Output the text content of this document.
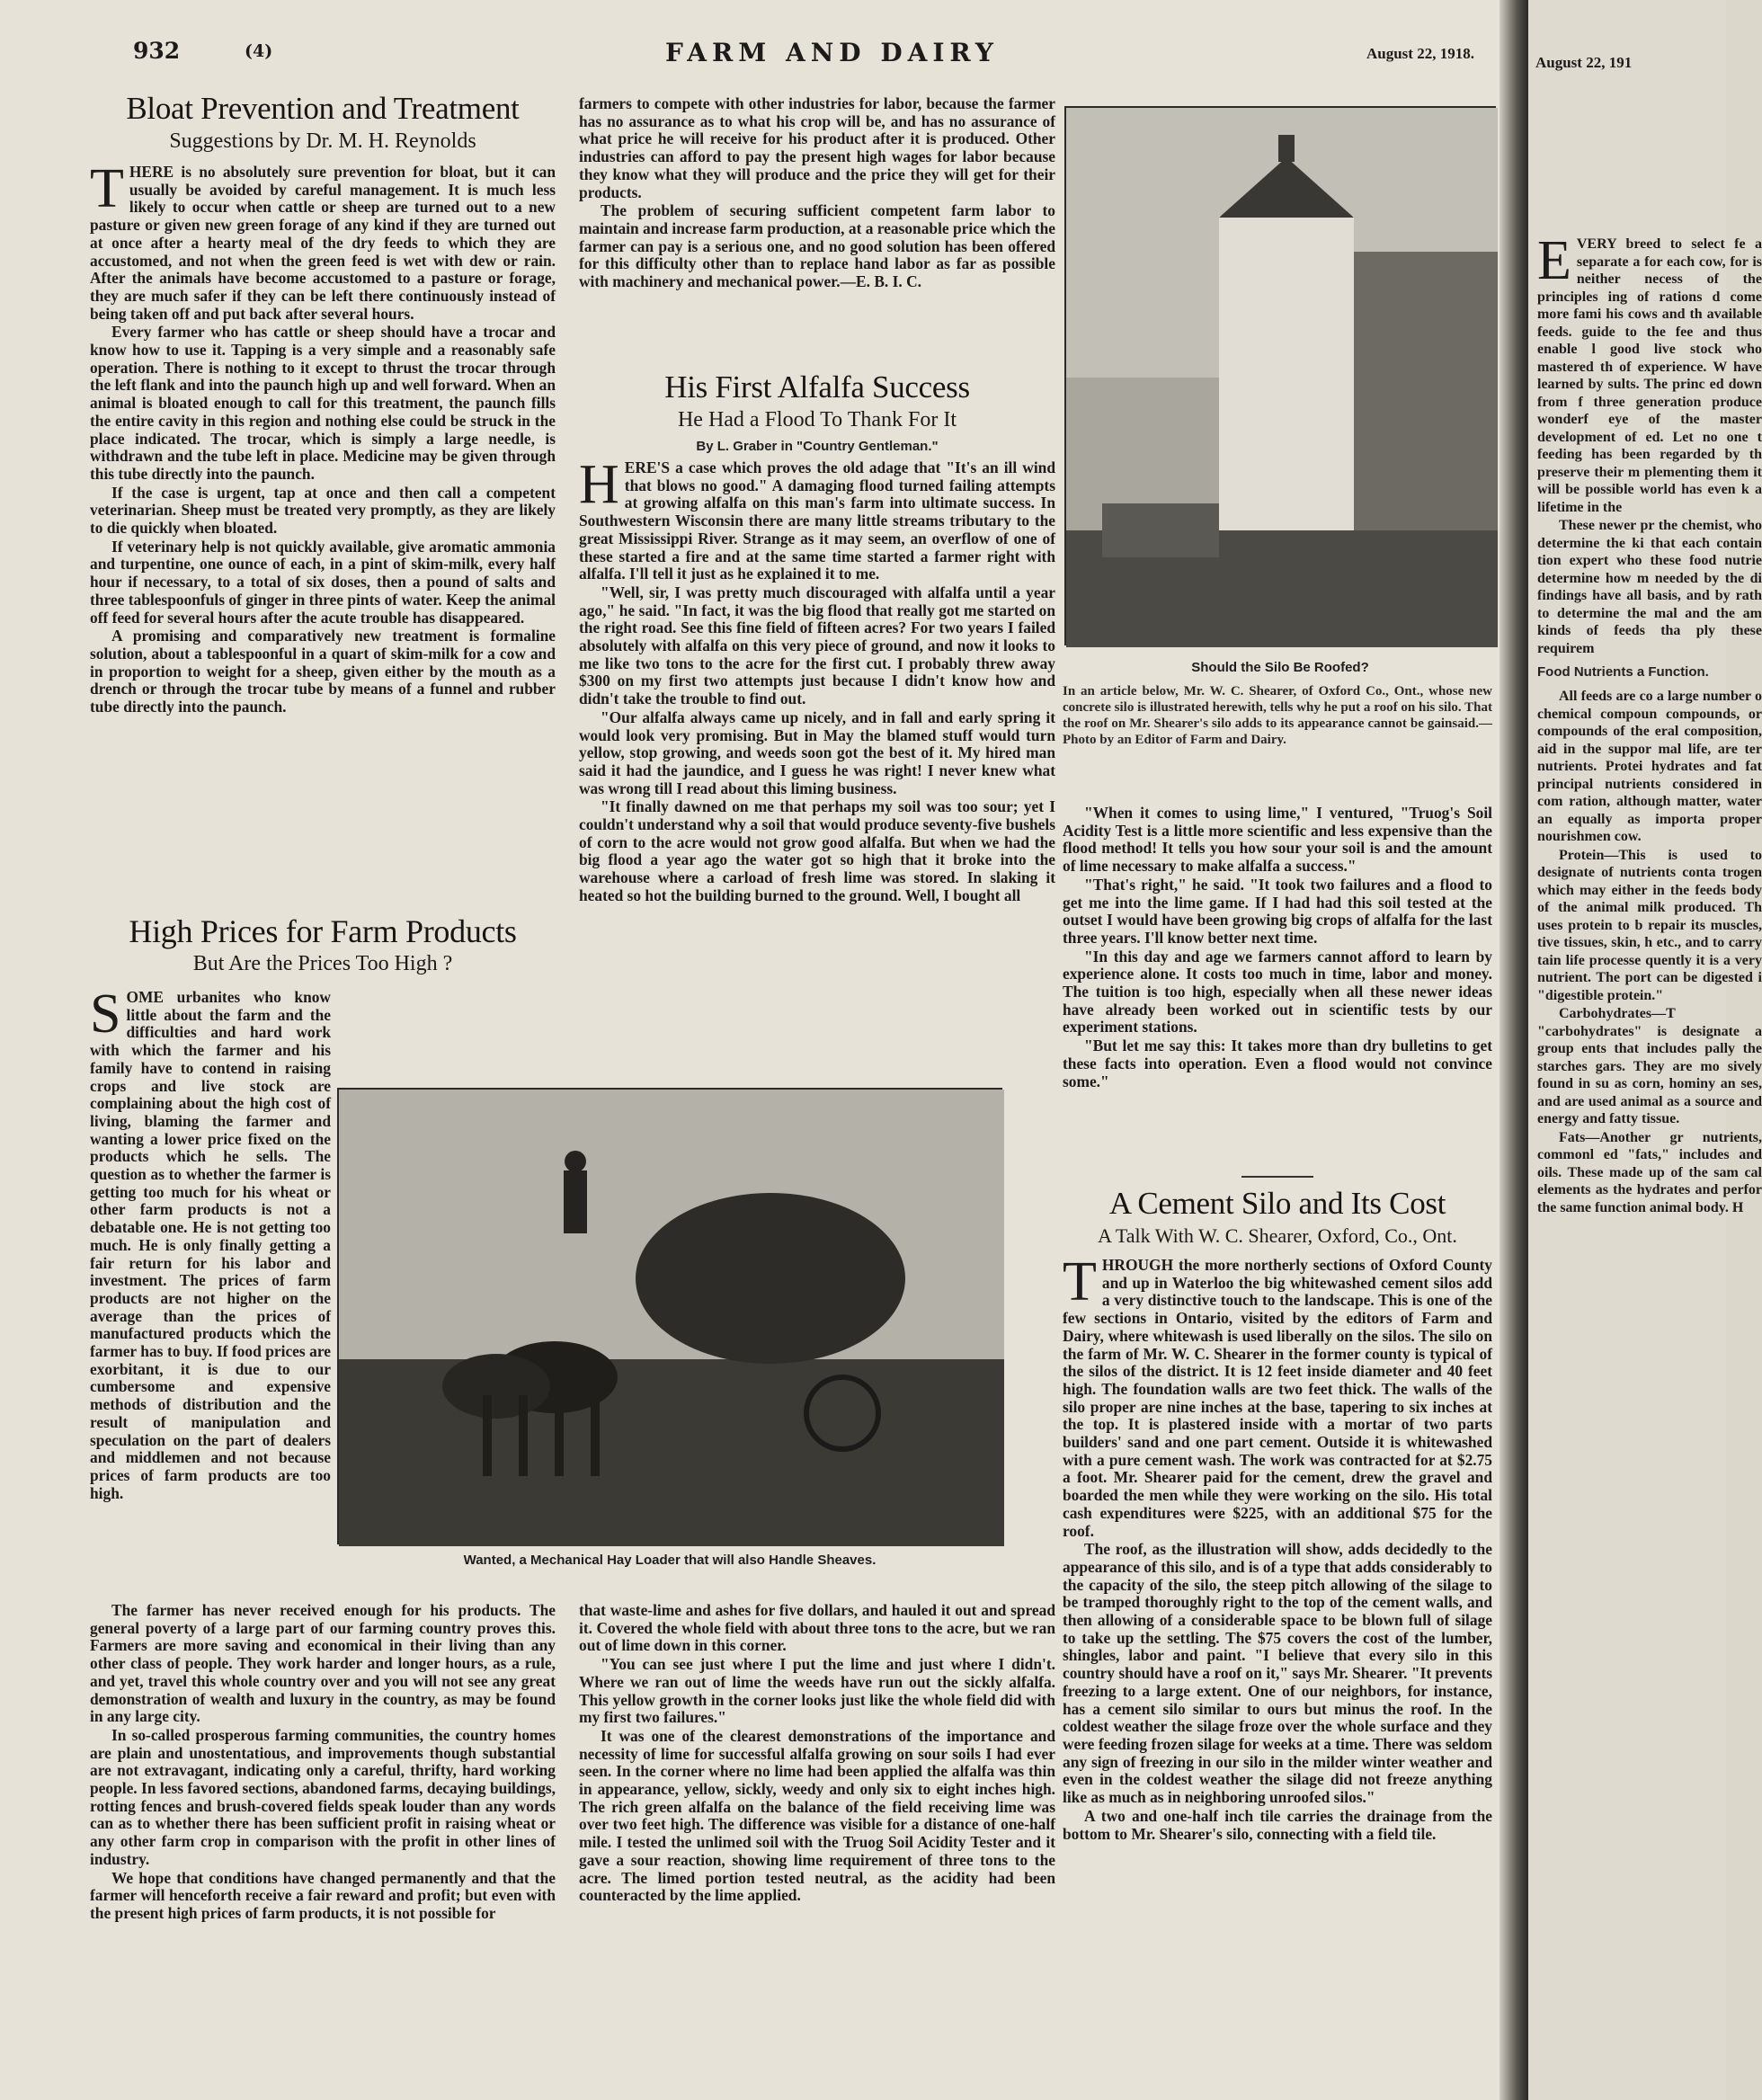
932	(4)	FARM AND DAIRY	August 22, 1918.
Bloat Prevention and Treatment
Suggestions by Dr. M. H. Reynolds

THERE is no absolutely sure prevention for bloat, but it can usually be avoided by careful management. It is much less likely to occur when cattle or sheep are turned out to a new pasture or given new green forage of any kind if they are turned out at once after a hearty meal of the dry feeds to which they are accustomed, and not when the green feed is wet with dew or rain. After the animals have become accustomed to a pasture or forage, they are much safer if they can be left there continuously instead of being taken off and put back after several hours.

Every farmer who has cattle or sheep should have a trocar and know how to use it. Tapping is a very simple and a reasonably safe operation. There is nothing to it except to thrust the trocar through the left flank and into the paunch high up and well forward. When an animal is bloated enough to call for this treatment, the paunch fills the entire cavity in this region and nothing else could be struck in the place indicated. The trocar, which is simply a large needle, is withdrawn and the tube left in place. Medicine may be given through this tube directly into the paunch.

If the case is urgent, tap at once and then call a competent veterinarian. Sheep must be treated very promptly, as they are likely to die quickly when bloated.

If veterinary help is not quickly available, give aromatic ammonia and turpentine, one ounce of each, in a pint of skim-milk, every half hour if necessary, to a total of six doses, then a pound of salts and three tablespoonfuls of ginger in three pints of water. Keep the animal off feed for several hours after the acute trouble has disappeared.

A promising and comparatively new treatment is formaline solution, about a tablespoonful in a quart of skim-milk for a cow and in proportion to weight for a sheep, given either by the mouth as a drench or through the trocar tube by means of a funnel and rubber tube directly into the paunch.

High Prices for Farm Products
But Are the Prices Too High ?

SOME urbanites who know little about the farm and the difficulties and hard work with which the farmer and his family have to contend in raising crops and live stock are complaining about the high cost of living, blaming the farmer and wanting a lower price fixed on the products which he sells. The question as to whether the farmer is getting too much for his wheat or other farm products is not a debatable one. He is not getting too much. He is only finally getting a fair return for his labor and investment. The prices of farm products are not higher on the average than the prices of manufactured products which the farmer has to buy. If food prices are exorbitant, it is due to our cumbersome and expensive methods of distribution and the result of manipulation and speculation on the part of dealers and middlemen and not because prices of farm products are too high.

Wanted, a Mechanical Hay Loader that will also Handle Sheaves.

The farmer has never received enough for his products. The general poverty of a large part of our farming country proves this. Farmers are more saving and economical in their living than any other class of people. They work harder and longer hours, as a rule, and yet, travel this whole country over and you will not see any great demonstration of wealth and luxury in the country, as may be found in any large city.

In so-called prosperous farming communities, the country homes are plain and unostentatious, and improvements though substantial are not extravagant, indicating only a careful, thrifty, hard working people. In less favored sections, abandoned farms, decaying buildings, rotting fences and brush-covered fields speak louder than any words can as to whether there has been sufficient profit in raising wheat or any other farm crop in comparison with the profit in other lines of industry.

We hope that conditions have changed permanently and that the farmer will henceforth receive a fair reward and profit; but even with the present high prices of farm products, it is not possible for

farmers to compete with other industries for labor, because the farmer has no assurance as to what his crop will be, and has no assurance of what price he will receive for his product after it is produced. Other industries can afford to pay the present high wages for labor because they know what they will produce and the price they will get for their products.

The problem of securing sufficient competent farm labor to maintain and increase farm production, at a reasonable price which the farmer can pay is a serious one, and no good solution has been offered for this difficulty other than to replace hand labor as far as possible with machinery and mechanical power.—E. B. I. C.

His First Alfalfa Success
He Had a Flood To Thank For It
By L. Graber in "Country Gentleman."

HERE'S a case which proves the old adage that "It's an ill wind that blows no good." A damaging flood turned failing attempts at growing alfalfa on this man's farm into ultimate success. In Southwestern Wisconsin there are many little streams tributary to the great Mississippi River. Strange as it may seem, an overflow of one of these started a fire and at the same time started a farmer right with alfalfa. I'll tell it just as he explained it to me.

"Well, sir, I was pretty much discouraged with alfalfa until a year ago," he said. "In fact, it was the big flood that really got me started on the right road. See this fine field of fifteen acres? For two years I failed absolutely with alfalfa on this very piece of ground, and now it looks to me like two tons to the acre for the first cut. I probably threw away $300 on my first two attempts just because I didn't know how and didn't take the trouble to find out.

"Our alfalfa always came up nicely, and in fall and early spring it would look very promising. But in May the blamed stuff would turn yellow, stop growing, and weeds soon got the best of it. My hired man said it had the jaundice, and I guess he was right! I never knew what was wrong till I read about this liming business.

"It finally dawned on me that perhaps my soil was too sour; yet I couldn't understand why a soil that would produce seventy-five bushels of corn to the acre would not grow good alfalfa. But when we had the big flood a year ago the water got so high that it broke into the warehouse where a carload of fresh lime was stored. In slaking it heated so hot the building burned to the ground. Well, I bought all

that waste-lime and ashes for five dollars, and hauled it out and spread it. Covered the whole field with about three tons to the acre, but we ran out of lime down in this corner.

"You can see just where I put the lime and just where I didn't. Where we ran out of lime the weeds have run out the sickly alfalfa. This yellow growth in the corner looks just like the whole field did with my first two failures."

It was one of the clearest demonstrations of the importance and necessity of lime for successful alfalfa growing on sour soils I had ever seen. In the corner where no lime had been applied the alfalfa was thin in appearance, yellow, sickly, weedy and only six to eight inches high. The rich green alfalfa on the balance of the field receiving lime was over two feet high. The difference was visible for a distance of one-half mile. I tested the unlimed soil with the Truog Soil Acidity Tester and it gave a sour reaction, showing lime requirement of three tons to the acre. The limed portion tested neutral, as the acidity had been counteracted by the lime applied.

Should the Silo Be Roofed?
In an article below, Mr. W. C. Shearer, of Oxford Co., Ont., whose new concrete silo is illustrated herewith, tells why he put a roof on his silo. That the roof on Mr. Shearer's silo adds to its appearance cannot be gainsaid.—Photo by an Editor of Farm and Dairy.

"When it comes to using lime," I ventured, "Truog's Soil Acidity Test is a little more scientific and less expensive than the flood method! It tells you how sour your soil is and the amount of lime necessary to make alfalfa a success."

"That's right," he said. "It took two failures and a flood to get me into the lime game. If I had had this soil tested at the outset I would have been growing big crops of alfalfa for the last three years. I'll know better next time.

"In this day and age we farmers cannot afford to learn by experience alone. It costs too much in time, labor and money. The tuition is too high, especially when all these newer ideas have already been worked out in scientific tests by our experiment stations.

"But let me say this: It takes more than dry bulletins to get these facts into operation. Even a flood would not convince some."

A Cement Silo and Its Cost
A Talk With W. C. Shearer, Oxford, Co., Ont.

THROUGH the more northerly sections of Oxford County and up in Waterloo the big whitewashed cement silos add a very distinctive touch to the landscape. This is one of the few sections in Ontario, visited by the editors of Farm and Dairy, where whitewash is used liberally on the silos. The silo on the farm of Mr. W. C. Shearer in the former county is typical of the silos of the district. It is 12 feet inside diameter and 40 feet high. The foundation walls are two feet thick. The walls of the silo proper are nine inches at the base, tapering to six inches at the top. It is plastered inside with a mortar of two parts builders' sand and one part cement. Outside it is whitewashed with a pure cement wash. The work was contracted for at $2.75 a foot. Mr. Shearer paid for the cement, drew the gravel and boarded the men while they were working on the silo. His total cash expenditures were $225, with an additional $75 for the roof.

The roof, as the illustration will show, adds decidedly to the appearance of this silo, and is of a type that adds considerably to the capacity of the silo, the steep pitch allowing of the silage to be tramped thoroughly right to the top of the cement walls, and then allowing of a considerable space to be blown full of silage to take up the settling. The $75 covers the cost of the lumber, shingles, labor and paint. "I believe that every silo in this country should have a roof on it," says Mr. Shearer. "It prevents freezing to a large extent. One of our neighbors, for instance, has a cement silo similar to ours but minus the roof. In the coldest weather the silage froze over the whole surface and they were feeding frozen silage for weeks at a time. There was seldom any sign of freezing in our silo in the milder winter weather and even in the coldest weather the silage did not freeze anything like as much as in neighboring unroofed silos."

A two and one-half inch tile carries the drainage from the bottom to Mr. Shearer's silo, connecting with a field tile.

August 22, 191

EVERY breed to select fe a separate a for each cow, for is neither necess of the principles ing of rations d come more fami his cows and th available feeds. guide to the fee and thus enable l good live stock who mastered th of experience. W have learned by sults. The princ ed down from f three generation produce wonderf eye of the master development of ed. Let no one t feeding has been regarded by th preserve their m plementing them it will be possible world has even k a lifetime in the

These newer pr the chemist, who determine the ki that each contain tion expert who these food nutrie determine how m needed by the di findings have all basis, and by rath to determine the mal and the am kinds of feeds tha ply these requirem

Food Nutrients a Function.

All feeds are co a large number o chemical compoun compounds, or compounds of the eral composition, aid in the suppor mal life, are ter nutrients. Protei hydrates and fat principal nutrients considered in com ration, although matter, water an equally as importa proper nourishmen cow.

Protein—This is used to designate of nutrients conta trogen which may either in the feeds body of the animal milk produced. Th uses protein to b repair its muscles, tive tissues, skin, h etc., and to carry tain life processe quently it is a very nutrient. The port can be digested i "digestible protein."

Carbohydrates—T "carbohydrates" is designate a group ents that includes pally the starches gars. They are mo sively found in su as corn, hominy an ses, and are used animal as a source and energy and fatty tissue.

Fats—Another gr nutrients, commonl ed "fats," includes and oils. These made up of the sam cal elements as the hydrates and perfor the same function animal body. H
